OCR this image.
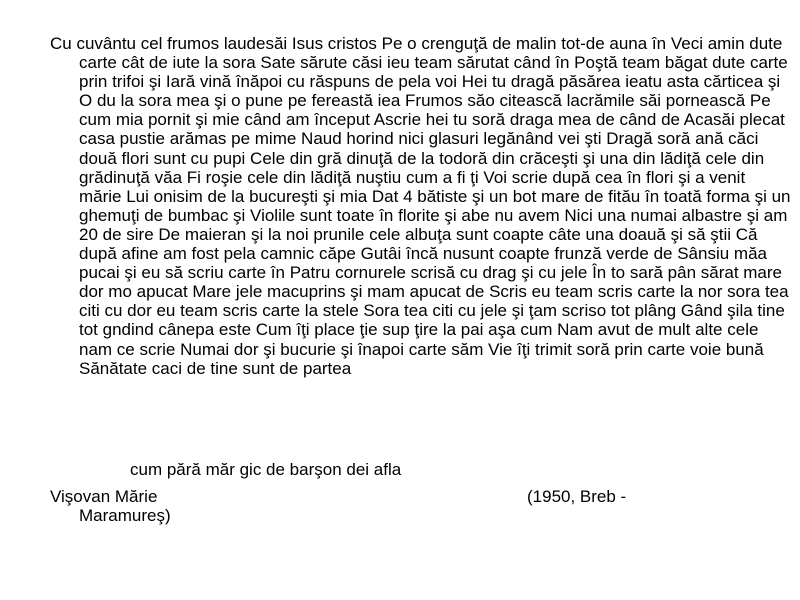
Cu cuvântu cel frumos laudesăi Isus cristos Pe o crenguţă de malin tot-de auna în Veci amin dute carte cât de iute la sora Sate sărute căsi ieu team sărutat când în Poştă team băgat dute carte prin trifoi şi Iară vină înăpoi cu răspuns de pela voi Hei tu dragă păsărea ieatu asta cărticea şi O du la sora mea şi o pune pe fereastă iea Frumos săo citească lacrămile săi pornească Pe cum mia pornit şi mie când am început Ascrie hei tu soră draga mea de când de Acasăi plecat casa pustie arămas pe mime Naud horind nici glasuri legănând vei şti Dragă soră ană căci două flori sunt cu pupi Cele din gră dinuţă de la todoră din crăceşti şi una din lădiţă cele din grădinuţă văa Fi roşie cele din lădiţă nuştiu cum a fi ţi Voi scrie după cea în flori şi a venit mărie Lui onisim de la bucureşti şi mia Dat 4 bătiste şi un bot mare de fitău în toată forma şi un ghemuţi de bumbac şi Violile sunt toate în florite şi abe nu avem Nici una numai albastre şi am 20 de sire De maieran şi la noi prunile cele albuţa sunt coapte câte una doauă şi să ştii Că după afine am fost pela camnic căpe Gutâi încă nusunt coapte frunză verde de Sânsiu măa pucai şi eu să scriu carte în Patru cornurele scrisă cu drag şi cu jele În to sară pân sărat mare dor mo apucat Mare jele macuprins şi mam apucat de Scris eu team scris carte la nor sora tea citi cu dor eu team scris carte la stele Sora tea citi cu jele şi ţam scriso tot plâng Gând şila tine tot gndind cânepa este Cum îţi place ţie sup ţire la pai aşa cum Nam avut de mult alte cele nam ce scrie Numai dor şi bucurie şi înapoi carte săm Vie îţi trimit soră prin carte voie bună Sănătate caci de tine sunt de partea

cum pără măr gic de barşon dei afla

Vişovan Mărie	(1950, Breb -
Maramureş)
